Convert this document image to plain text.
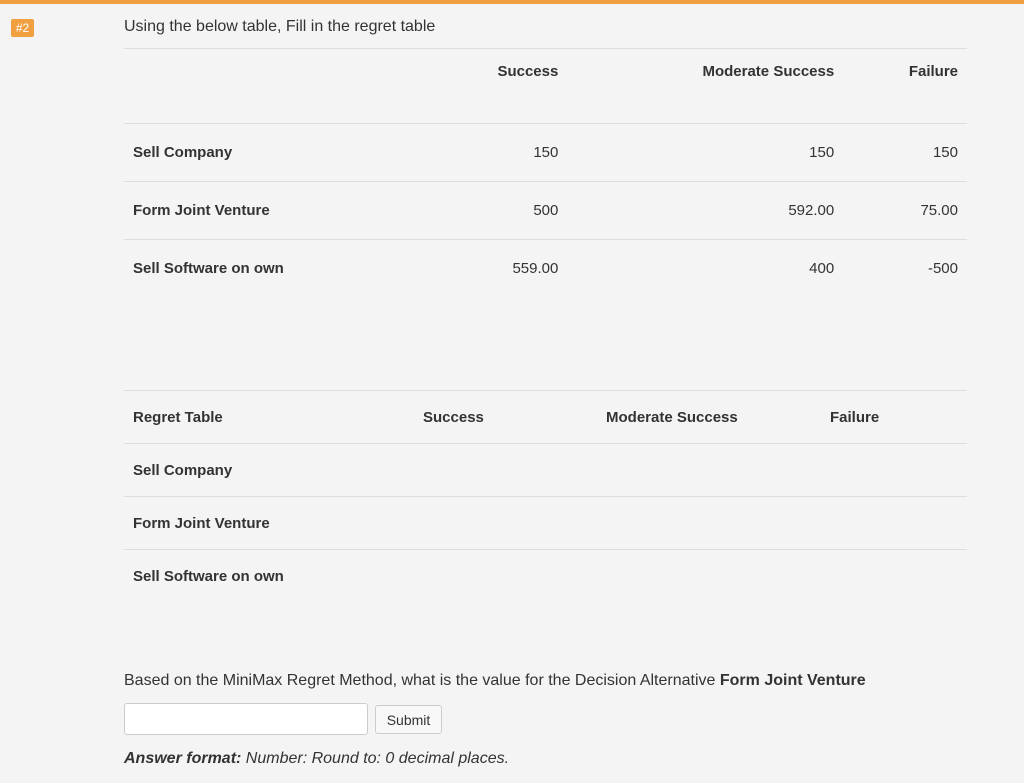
#2	Using the below table, Fill in the regret table
	Success	Moderate Success	Failure
Sell Company	150	150	150
Form Joint Venture	500	592.00	75.00
Sell Software on own	559.00	400	-500
Regret Table	Success	Moderate Success	Failure
Sell Company			
Form Joint Venture			
Sell Software on own			
Based on the MiniMax Regret Method, what is the value for the Decision Alternative Form Joint Venture
Submit
Answer format: Number: Round to: 0 decimal places.
